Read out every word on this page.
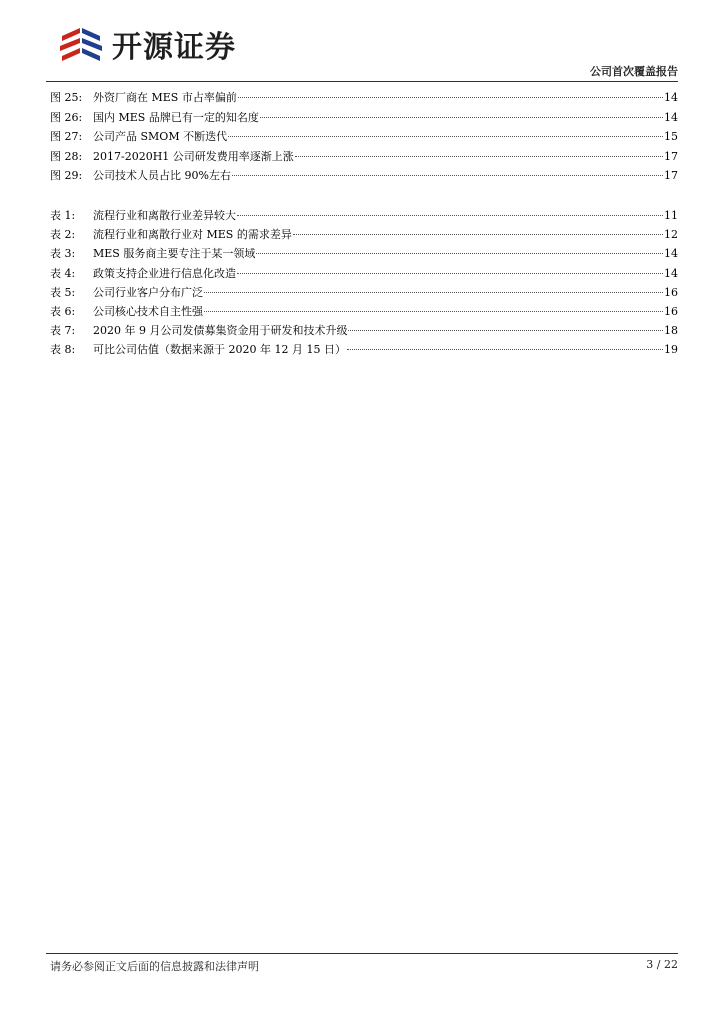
开源证券
公司首次覆盖报告
图 25: 外资厂商在 MES 市占率偏前	14
图 26: 国内 MES 品牌已有一定的知名度	14
图 27: 公司产品 SMOM 不断迭代	15
图 28: 2017-2020H1 公司研发费用率逐渐上涨	17
图 29: 公司技术人员占比 90%左右	17
表 1:	流程行业和离散行业差异较大	11
表 2:	流程行业和离散行业对 MES 的需求差异	12
表 3:	MES 服务商主要专注于某一领域	14
表 4:	政策支持企业进行信息化改造	14
表 5:	公司行业客户分布广泛	16
表 6:	公司核心技术自主性强	16
表 7:	2020 年 9 月公司发债募集资金用于研发和技术升级	18
表 8:	可比公司估值（数据来源于 2020 年 12 月 15 日）	19
请务必参阅正文后面的信息披露和法律声明	3 / 22
